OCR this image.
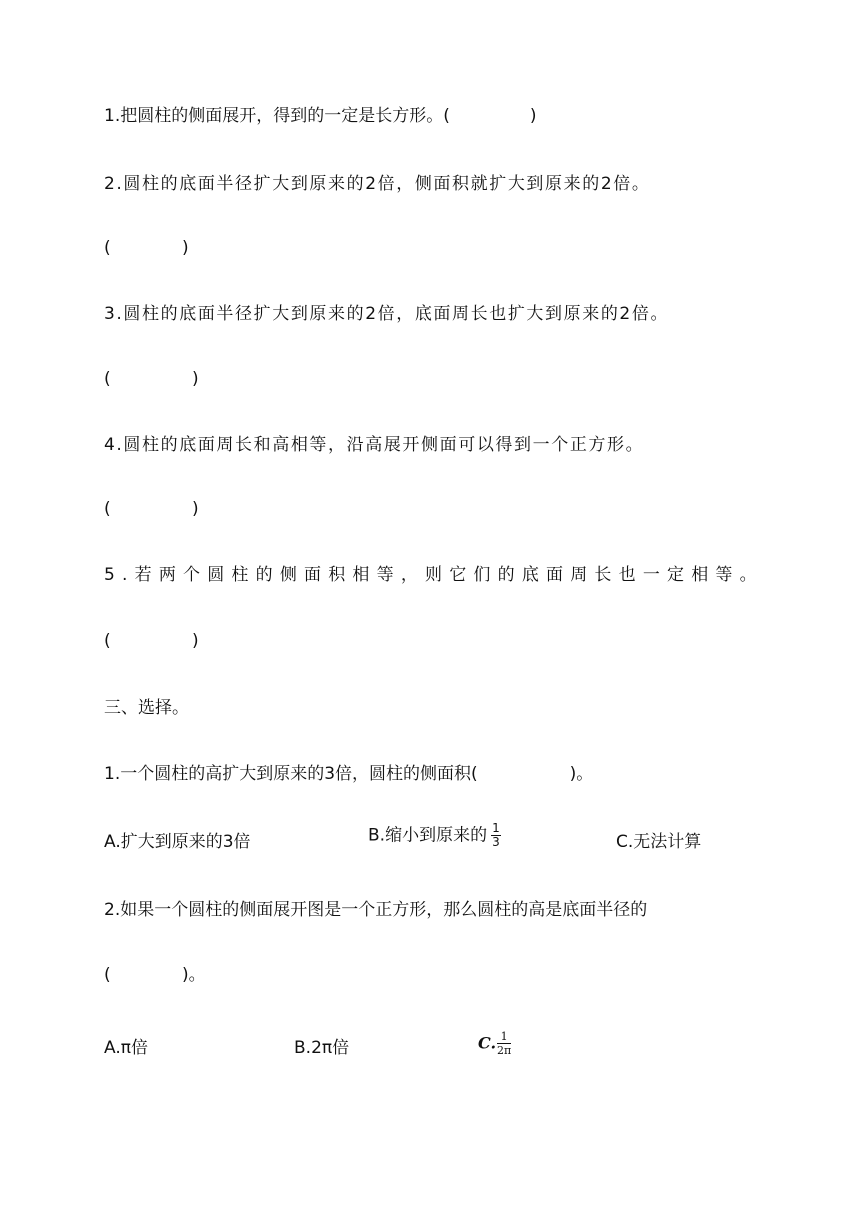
1.把圆柱的侧面展开，得到的一定是长方形。(	)
2.圆柱的底面半径扩大到原来的2倍，侧面积就扩大到原来的2倍。
(	)
3.圆柱的底面半径扩大到原来的2倍，底面周长也扩大到原来的2倍。
(	)
4.圆柱的底面周长和高相等，沿高展开侧面可以得到一个正方形。
(	)
5.若两个圆柱的侧面积相等，则它们的底面周长也一定相等。
(	)
三、选择。
1.一个圆柱的高扩大到原来的3倍，圆柱的侧面积(	)。
A.扩大到原来的3倍	B.缩小到原来的 $\frac{1}{3}$	C.无法计算
2.如果一个圆柱的侧面展开图是一个正方形，那么圆柱的高是底面半径的
(	)。
A.π倍	B.2π倍	C. $\frac{1}{2\pi}$
